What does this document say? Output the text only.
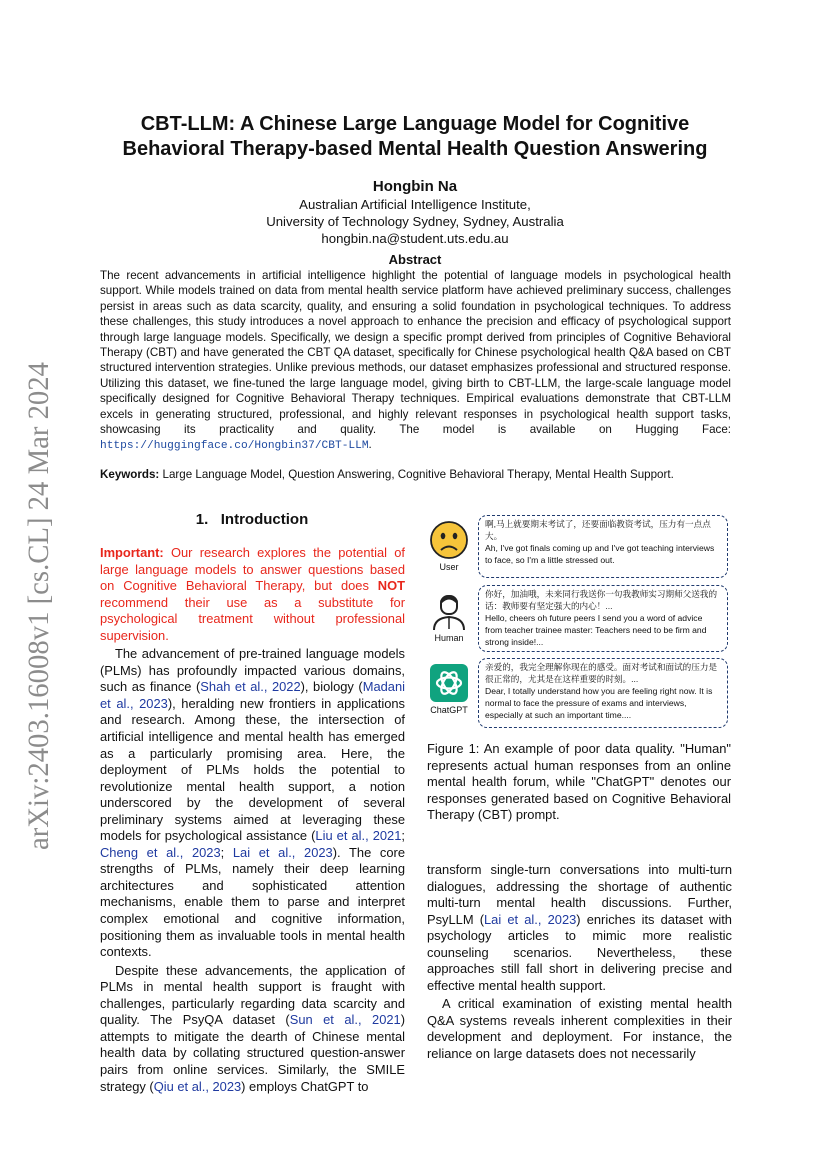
arXiv:2403.16008v1 [cs.CL] 24 Mar 2024
CBT-LLM: A Chinese Large Language Model for Cognitive Behavioral Therapy-based Mental Health Question Answering
Hongbin Na
Australian Artificial Intelligence Institute,
University of Technology Sydney, Sydney, Australia
hongbin.na@student.uts.edu.au
Abstract

The recent advancements in artificial intelligence highlight the potential of language models in psychological health support. While models trained on data from mental health service platform have achieved preliminary success, challenges persist in areas such as data scarcity, quality, and ensuring a solid foundation in psychological techniques. To address these challenges, this study introduces a novel approach to enhance the precision and efficacy of psychological support through large language models. Specifically, we design a specific prompt derived from principles of Cognitive Behavioral Therapy (CBT) and have generated the CBT QA dataset, specifically for Chinese psychological health Q&A based on CBT structured intervention strategies. Unlike previous methods, our dataset emphasizes professional and structured response. Utilizing this dataset, we fine-tuned the large language model, giving birth to CBT-LLM, the large-scale language model specifically designed for Cognitive Behavioral Therapy techniques. Empirical evaluations demonstrate that CBT-LLM excels in generating structured, professional, and highly relevant responses in psychological health support tasks, showcasing its practicality and quality. The model is available on Hugging Face: https://huggingface.co/Hongbin37/CBT-LLM.

Keywords: Large Language Model, Question Answering, Cognitive Behavioral Therapy, Mental Health Support.

1. Introduction

Important: Our research explores the potential of large language models to answer questions based on Cognitive Behavioral Therapy, but does NOT recommend their use as a substitute for psychological treatment without professional supervision.

The advancement of pre-trained language models (PLMs) has profoundly impacted various domains, such as finance (Shah et al., 2022), biology (Madani et al., 2023), heralding new frontiers in applications and research. Among these, the intersection of artificial intelligence and mental health has emerged as a particularly promising area. Here, the deployment of PLMs holds the potential to revolutionize mental health support, a notion underscored by the development of several preliminary systems aimed at leveraging these models for psychological assistance (Liu et al., 2021; Cheng et al., 2023; Lai et al., 2023). The core strengths of PLMs, namely their deep learning architectures and sophisticated attention mechanisms, enable them to parse and interpret complex emotional and cognitive information, positioning them as invaluable tools in mental health contexts.

Despite these advancements, the application of PLMs in mental health support is fraught with challenges, particularly regarding data scarcity and quality. The PsyQA dataset (Sun et al., 2021) attempts to mitigate the dearth of Chinese mental health data by collating structured question-answer pairs from online services. Similarly, the SMILE strategy (Qiu et al., 2023) employs ChatGPT to

User
Human
ChatGPT
啊,马上就要期末考试了，还要面临教资考试，压力有一点点大。
Ah, I've got finals coming up and I've got teaching interviews to face, so I'm a little stressed out.
你好，加油哦，未来同行我送你一句我教师实习期师父送我的话：教师要有坚定强大的内心！...
Hello, cheers oh future peers I send you a word of advice from teacher trainee master: Teachers need to be firm and strong inside!...
亲爱的，我完全理解你现在的感受。面对考试和面试的压力是很正常的，尤其是在这样重要的时刻。...
Dear, I totally understand how you are feeling right now. It is normal to face the pressure of exams and interviews, especially at such an important time....

Figure 1: An example of poor data quality. "Human" represents actual human responses from an online mental health forum, while "ChatGPT" denotes our responses generated based on Cognitive Behavioral Therapy (CBT) prompt.

transform single-turn conversations into multi-turn dialogues, addressing the shortage of authentic multi-turn mental health discussions. Further, PsyLLM (Lai et al., 2023) enriches its dataset with psychology articles to mimic more realistic counseling scenarios. Nevertheless, these approaches still fall short in delivering precise and effective mental health support.

A critical examination of existing mental health Q&A systems reveals inherent complexities in their development and deployment. For instance, the reliance on large datasets does not necessarily
